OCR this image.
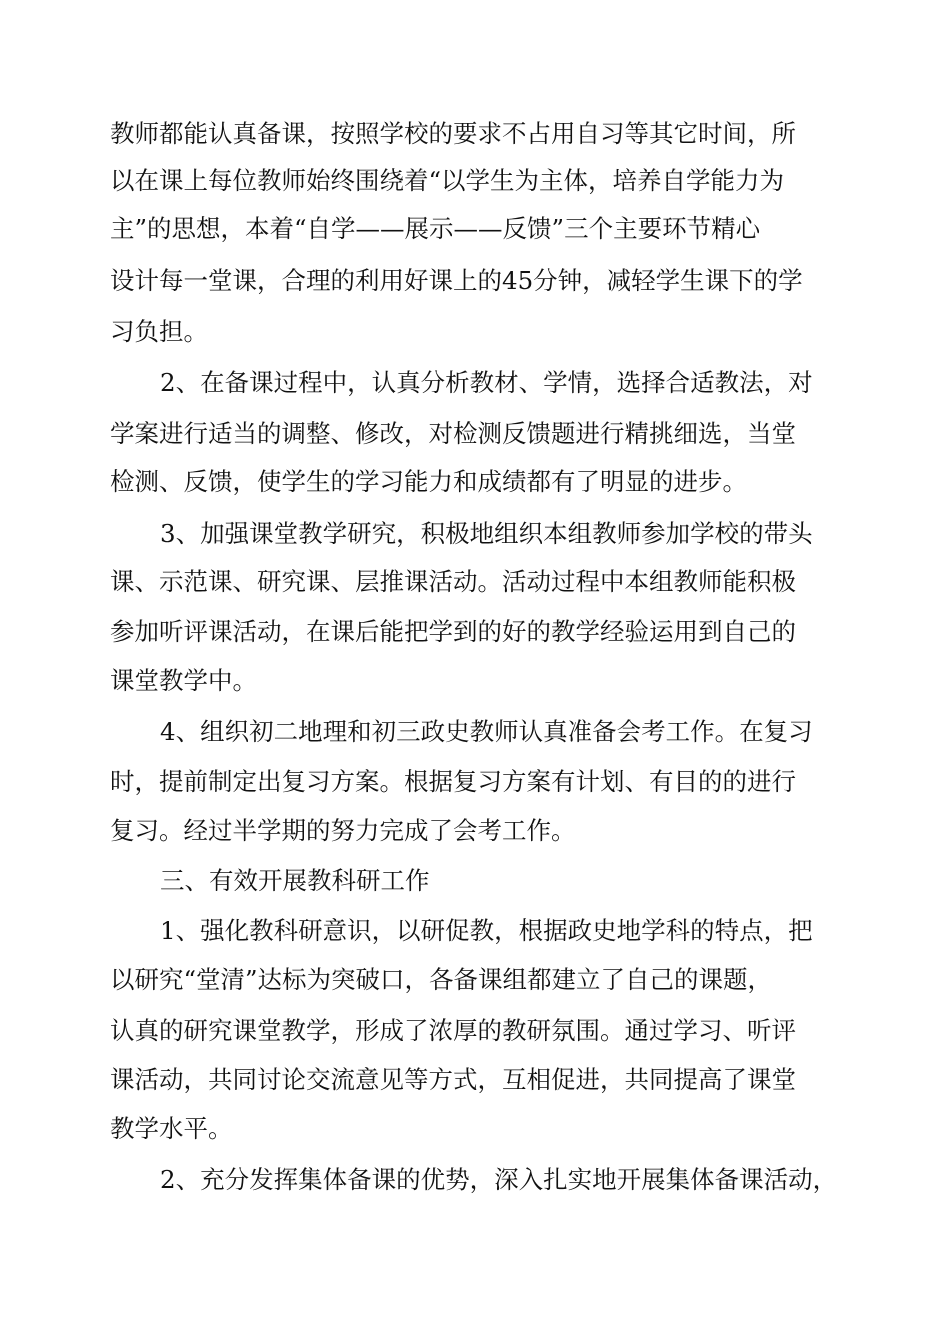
教师都能认真备课，按照学校的要求不占用自习等其它时间，所
以在课上每位教师始终围绕着“以学生为主体，培养自学能力为
主”的思想，本着“自学——展示——反馈”三个主要环节精心
设计每一堂课，合理的利用好课上的45分钟，减轻学生课下的学
习负担。
2、在备课过程中，认真分析教材、学情，选择合适教法，对
学案进行适当的调整、修改，对检测反馈题进行精挑细选，当堂
检测、反馈，使学生的学习能力和成绩都有了明显的进步。
3、加强课堂教学研究，积极地组织本组教师参加学校的带头
课、示范课、研究课、层推课活动。活动过程中本组教师能积极
参加听评课活动，在课后能把学到的好的教学经验运用到自己的
课堂教学中。
4、组织初二地理和初三政史教师认真准备会考工作。在复习
时，提前制定出复习方案。根据复习方案有计划、有目的的进行
复习。经过半学期的努力完成了会考工作。
三、有效开展教科研工作
1、强化教科研意识，以研促教，根据政史地学科的特点，把
以研究“堂清”达标为突破口，各备课组都建立了自己的课题，
认真的研究课堂教学，形成了浓厚的教研氛围。通过学习、听评
课活动，共同讨论交流意见等方式，互相促进，共同提高了课堂
教学水平。
2、充分发挥集体备课的优势，深入扎实地开展集体备课活动，
